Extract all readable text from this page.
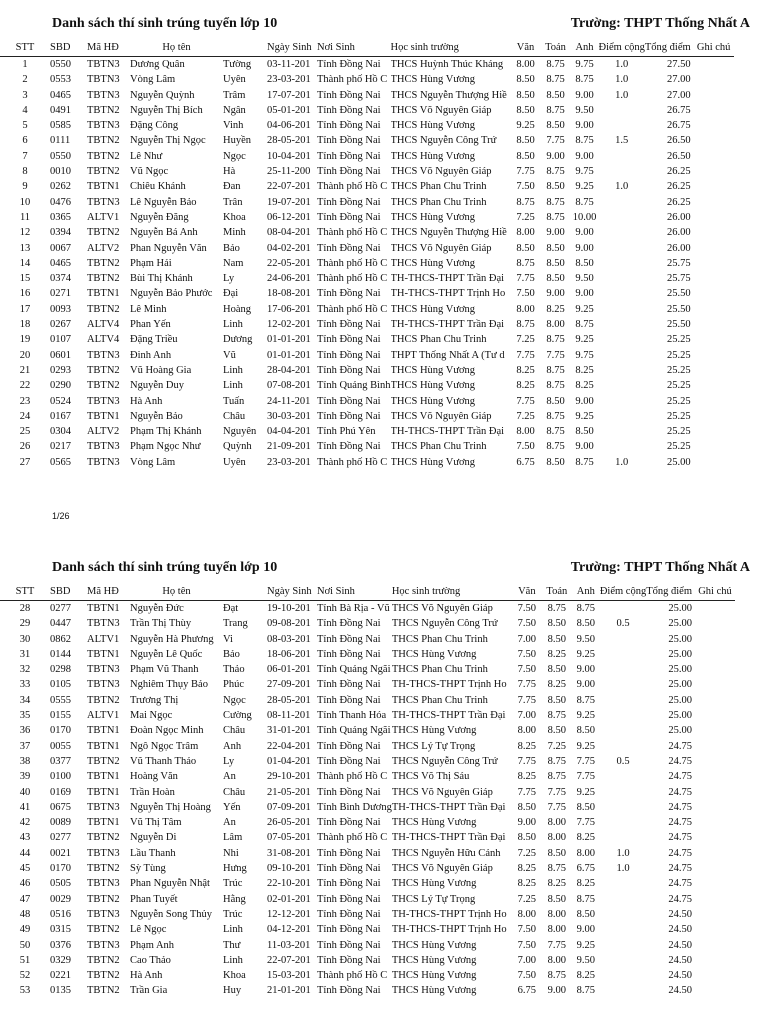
Danh sách thí sinh trúng tuyển lớp 10	Trường: THPT Thống Nhất A
STT	SBD	Mã HĐ	Họ tên		Ngày Sinh	Nơi Sinh	Học sinh trường	Văn	Toán	Anh	Điểm cộng	Tổng điểm	Ghi chú
1	0550	TBTN3	Dương Quân	Tường	03-11-201	Tỉnh Đồng Nai	THCS Huỳnh Thúc Kháng	8.00	8.75	9.75	1.0	27.50	
2	0553	TBTN3	Vòng Lâm	Uyên	23-03-201	Thành phố Hồ C	THCS Hùng Vương	8.50	8.75	8.75	1.0	27.00	
3	0465	TBTN3	Nguyễn Quỳnh	Trâm	17-07-201	Tỉnh Đồng Nai	THCS Nguyễn Thượng Hiề	8.50	8.50	9.00	1.0	27.00	
4	0491	TBTN2	Nguyễn Thị Bích	Ngân	05-01-201	Tỉnh Đồng Nai	THCS Võ Nguyên Giáp	8.50	8.75	9.50		26.75	
5	0585	TBTN3	Đặng Công	Vinh	04-06-201	Tỉnh Đồng Nai	THCS Hùng Vương	9.25	8.50	9.00		26.75	
6	0111	TBTN2	Nguyễn Thị Ngọc	Huyền	28-05-201	Tỉnh Đồng Nai	THCS Nguyễn Công Trứ	8.50	7.75	8.75	1.5	26.50	
7	0550	TBTN2	Lê Như	Ngọc	10-04-201	Tỉnh Đồng Nai	THCS Hùng Vương	8.50	9.00	9.00		26.50	
8	0010	TBTN2	Vũ Ngọc	Hà	25-11-200	Tỉnh Đồng Nai	THCS Võ Nguyên Giáp	7.75	8.75	9.75		26.25	
9	0262	TBTN1	Chiêu Khánh	Đan	22-07-201	Thành phố Hồ C	THCS Phan Chu Trinh	7.50	8.50	9.25	1.0	26.25	
10	0476	TBTN3	Lê Nguyễn Bảo	Trân	19-07-201	Tỉnh Đồng Nai	THCS Phan Chu Trinh	8.75	8.75	8.75		26.25	
11	0365	ALTV1	Nguyễn Đăng	Khoa	06-12-201	Tỉnh Đồng Nai	THCS Hùng Vương	7.25	8.75	10.00		26.00	
12	0394	TBTN2	Nguyễn Bá Anh	Minh	08-04-201	Thành phố Hồ C	THCS Nguyễn Thượng Hiề	8.00	9.00	9.00		26.00	
13	0067	ALTV2	Phan Nguyễn Văn	Bảo	04-02-201	Tỉnh Đồng Nai	THCS Võ Nguyên Giáp	8.50	8.50	9.00		26.00	
14	0465	TBTN2	Phạm Hải	Nam	22-05-201	Thành phố Hồ C	THCS Hùng Vương	8.75	8.50	8.50		25.75	
15	0374	TBTN2	Bùi Thị Khánh	Ly	24-06-201	Thành phố Hồ C	TH-THCS-THPT Trần Đại	7.75	8.50	9.50		25.75	
16	0271	TBTN1	Nguyễn Bảo Phước	Đại	18-08-201	Tỉnh Đồng Nai	TH-THCS-THPT Trịnh Ho	7.50	9.00	9.00		25.50	
17	0093	TBTN2	Lê Minh	Hoàng	17-06-201	Thành phố Hồ C	THCS Hùng Vương	8.00	8.25	9.25		25.50	
18	0267	ALTV4	Phan Yến	Linh	12-02-201	Tỉnh Đồng Nai	TH-THCS-THPT Trần Đại	8.75	8.00	8.75		25.50	
19	0107	ALTV4	Đặng Triều	Dương	01-01-201	Tỉnh Đồng Nai	THCS Phan Chu Trinh	7.25	8.75	9.25		25.25	
20	0601	TBTN3	Đinh Anh	Vũ	01-01-201	Tỉnh Đồng Nai	THPT Thống Nhất A (Tư d	7.75	7.75	9.75		25.25	
21	0293	TBTN2	Vũ Hoàng Gia	Linh	28-04-201	Tỉnh Đồng Nai	THCS Hùng Vương	8.25	8.75	8.25		25.25	
22	0290	TBTN2	Nguyễn Duy	Linh	07-08-201	Tỉnh Quảng Bình	THCS Hùng Vương	8.25	8.75	8.25		25.25	
23	0524	TBTN3	Hà Anh	Tuấn	24-11-201	Tỉnh Đồng Nai	THCS Hùng Vương	7.75	8.50	9.00		25.25	
24	0167	TBTN1	Nguyễn Bảo	Châu	30-03-201	Tỉnh Đồng Nai	THCS Võ Nguyên Giáp	7.25	8.75	9.25		25.25	
25	0304	ALTV2	Phạm Thị Khánh	Nguyên	04-04-201	Tỉnh Phú Yên	TH-THCS-THPT Trần Đại	8.00	8.75	8.50		25.25	
26	0217	TBTN3	Phạm Ngọc Như	Quỳnh	21-09-201	Tỉnh Đồng Nai	THCS Phan Chu Trinh	7.50	8.75	9.00		25.25	
27	0565	TBTN3	Vòng Lâm	Uyên	23-03-201	Thành phố Hồ C	THCS Hùng Vương	6.75	8.50	8.75	1.0	25.00	
1/26
Danh sách thí sinh trúng tuyển lớp 10	Trường: THPT Thống Nhất A
STT	SBD	Mã HĐ	Họ tên		Ngày Sinh	Nơi Sinh	Học sinh trường	Văn	Toán	Anh	Điểm cộng	Tổng điểm	Ghi chú
28	0277	TBTN1	Nguyễn Đức	Đạt	19-10-201	Tỉnh Bà Rịa - Vũ	THCS Võ Nguyên Giáp	7.50	8.75	8.75		25.00	
29	0447	TBTN3	Trần Thị Thùy	Trang	09-08-201	Tỉnh Đồng Nai	THCS Nguyễn Công Trứ	7.50	8.50	8.50	0.5	25.00	
30	0862	ALTV1	Nguyễn Hà Phương	Vi	08-03-201	Tỉnh Đồng Nai	THCS Phan Chu Trinh	7.00	8.50	9.50		25.00	
31	0144	TBTN1	Nguyễn Lê Quốc	Bảo	18-06-201	Tỉnh Đồng Nai	THCS Hùng Vương	7.50	8.25	9.25		25.00	
32	0298	TBTN3	Phạm Vũ Thanh	Thảo	06-01-201	Tỉnh Quảng Ngãi	THCS Phan Chu Trinh	7.50	8.50	9.00		25.00	
33	0105	TBTN3	Nghiêm Thụy Bảo	Phúc	27-09-201	Tỉnh Đồng Nai	TH-THCS-THPT Trịnh Ho	7.75	8.25	9.00		25.00	
34	0555	TBTN2	Trương Thị	Ngọc	28-05-201	Tỉnh Đồng Nai	THCS Phan Chu Trinh	7.75	8.50	8.75		25.00	
35	0155	ALTV1	Mai Ngọc	Cường	08-11-201	Tỉnh Thanh Hóa	TH-THCS-THPT Trần Đại	7.00	8.75	9.25		25.00	
36	0170	TBTN1	Đoàn Ngọc Minh	Châu	31-01-201	Tỉnh Quảng Ngãi	THCS Hùng Vương	8.00	8.50	8.50		25.00	
37	0055	TBTN1	Ngô Ngọc Trâm	Anh	22-04-201	Tỉnh Đồng Nai	THCS Lý Tự Trọng	8.25	7.25	9.25		24.75	
38	0377	TBTN2	Vũ Thanh Thảo	Ly	01-04-201	Tỉnh Đồng Nai	THCS Nguyễn Công Trứ	7.75	8.75	7.75	0.5	24.75	
39	0100	TBTN1	Hoàng Văn	An	29-10-201	Thành phố Hồ C	THCS Võ Thị Sáu	8.25	8.75	7.75		24.75	
40	0169	TBTN1	Trần Hoàn	Châu	21-05-201	Tỉnh Đồng Nai	THCS Võ Nguyên Giáp	7.75	7.75	9.25		24.75	
41	0675	TBTN3	Nguyễn Thị Hoàng	Yến	07-09-201	Tỉnh Bình Dương	TH-THCS-THPT Trần Đại	8.50	7.75	8.50		24.75	
42	0089	TBTN1	Vũ Thị Tâm	An	26-05-201	Tỉnh Đồng Nai	THCS Hùng Vương	9.00	8.00	7.75		24.75	
43	0277	TBTN2	Nguyễn Di	Lâm	07-05-201	Thành phố Hồ C	TH-THCS-THPT Trần Đại	8.50	8.00	8.25		24.75	
44	0021	TBTN3	Lầu Thanh	Nhi	31-08-201	Tỉnh Đồng Nai	THCS Nguyễn Hữu Cảnh	7.25	8.50	8.00	1.0	24.75	
45	0170	TBTN2	Sỳ Tùng	Hưng	09-10-201	Tỉnh Đồng Nai	THCS Võ Nguyên Giáp	8.25	8.75	6.75	1.0	24.75	
46	0505	TBTN3	Phan Nguyễn Nhật	Trúc	22-10-201	Tỉnh Đồng Nai	THCS Hùng Vương	8.25	8.25	8.25		24.75	
47	0029	TBTN2	Phan Tuyết	Hằng	02-01-201	Tỉnh Đồng Nai	THCS Lý Tự Trọng	7.25	8.50	8.75		24.75	
48	0516	TBTN3	Nguyễn Song Thủy	Trúc	12-12-201	Tỉnh Đồng Nai	TH-THCS-THPT Trịnh Ho	8.00	8.00	8.50		24.50	
49	0315	TBTN2	Lê Ngọc	Linh	04-12-201	Tỉnh Đồng Nai	TH-THCS-THPT Trịnh Ho	7.50	8.00	9.00		24.50	
50	0376	TBTN3	Phạm Anh	Thư	11-03-201	Tỉnh Đồng Nai	THCS Hùng Vương	7.50	7.75	9.25		24.50	
51	0329	TBTN2	Cao Thảo	Linh	22-07-201	Tỉnh Đồng Nai	THCS Hùng Vương	7.00	8.00	9.50		24.50	
52	0221	TBTN2	Hà Anh	Khoa	15-03-201	Thành phố Hồ C	THCS Hùng Vương	7.50	8.75	8.25		24.50	
53	0135	TBTN2	Trần Gia	Huy	21-01-201	Tỉnh Đồng Nai	THCS Hùng Vương	6.75	9.00	8.75		24.50	
